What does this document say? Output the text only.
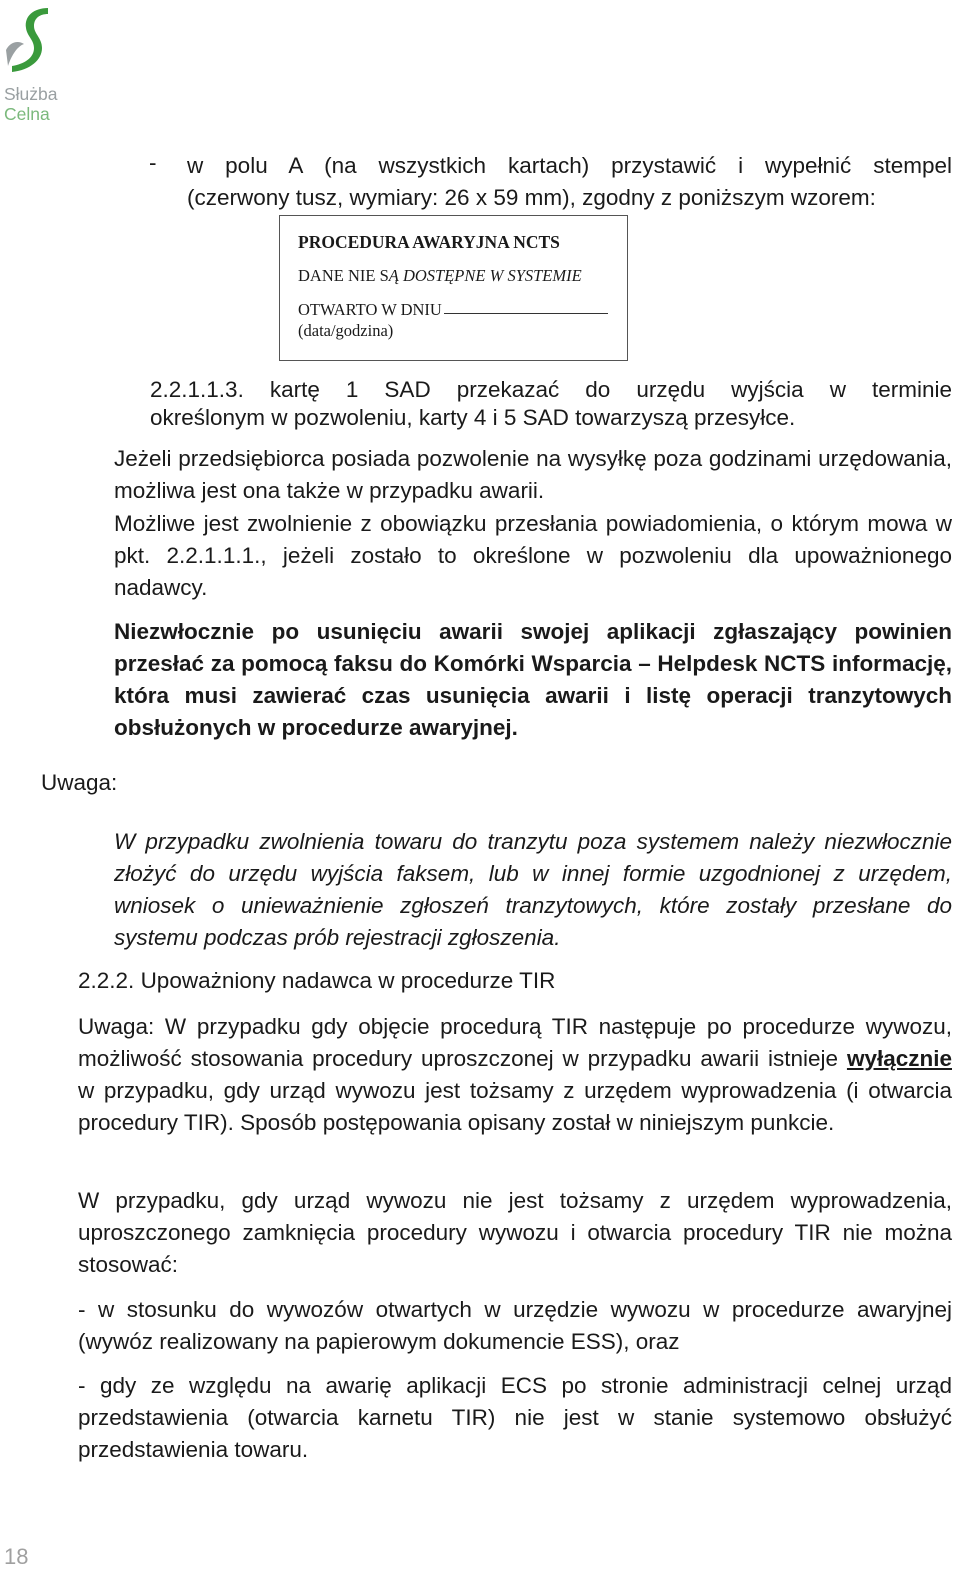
Służba
Celna
- w polu A (na wszystkich kartach) przystawić i wypełnić stempel

(czerwony tusz, wymiary: 26 x 59 mm), zgodny z poniższym wzorem:

PROCEDURA AWARYJNA NCTS
DANE NIE SĄ DOSTĘPNE W SYSTEMIE
OTWARTO W DNIU
(data/godzina)

2.2.1.1.3. kartę 1 SAD przekazać do urzędu wyjścia w terminie

określonym w pozwoleniu, karty 4 i 5 SAD towarzyszą przesyłce.

Jeżeli przedsiębiorca posiada pozwolenie na wysyłkę poza godzinami urzędowania, możliwa jest ona także w przypadku awarii.

Możliwe jest zwolnienie z obowiązku przesłania powiadomienia, o którym mowa w pkt. 2.2.1.1.1., jeżeli zostało to określone w pozwoleniu dla upoważnionego nadawcy.

Niezwłocznie po usunięciu awarii swojej aplikacji zgłaszający powinien przesłać za pomocą faksu do Komórki Wsparcia – Helpdesk NCTS informację, która musi zawierać czas usunięcia awarii i listę operacji tranzytowych obsłużonych w procedurze awaryjnej.

Uwaga:

W przypadku zwolnienia towaru do tranzytu poza systemem należy niezwłocznie złożyć do urzędu wyjścia faksem, lub w innej formie uzgodnionej z urzędem, wniosek o unieważnienie zgłoszeń tranzytowych, które zostały przesłane do systemu podczas prób rejestracji zgłoszenia.

2.2.2. Upoważniony nadawca w procedurze TIR

Uwaga: W przypadku gdy objęcie procedurą TIR następuje po procedurze wywozu, możliwość stosowania procedury uproszczonej w przypadku awarii istnieje wyłącznie w przypadku, gdy urząd wywozu jest tożsamy z urzędem wyprowadzenia (i otwarcia procedury TIR). Sposób postępowania opisany został w niniejszym punkcie.

W przypadku, gdy urząd wywozu nie jest tożsamy z urzędem wyprowadzenia, uproszczonego zamknięcia procedury wywozu i otwarcia procedury TIR nie można stosować:

- w stosunku do wywozów otwartych w urzędzie wywozu w procedurze awaryjnej (wywóz realizowany na papierowym dokumencie ESS), oraz

- gdy ze względu na awarię aplikacji ECS po stronie administracji celnej urząd przedstawienia (otwarcia karnetu TIR) nie jest w stanie systemowo obsłużyć przedstawienia towaru.

18
